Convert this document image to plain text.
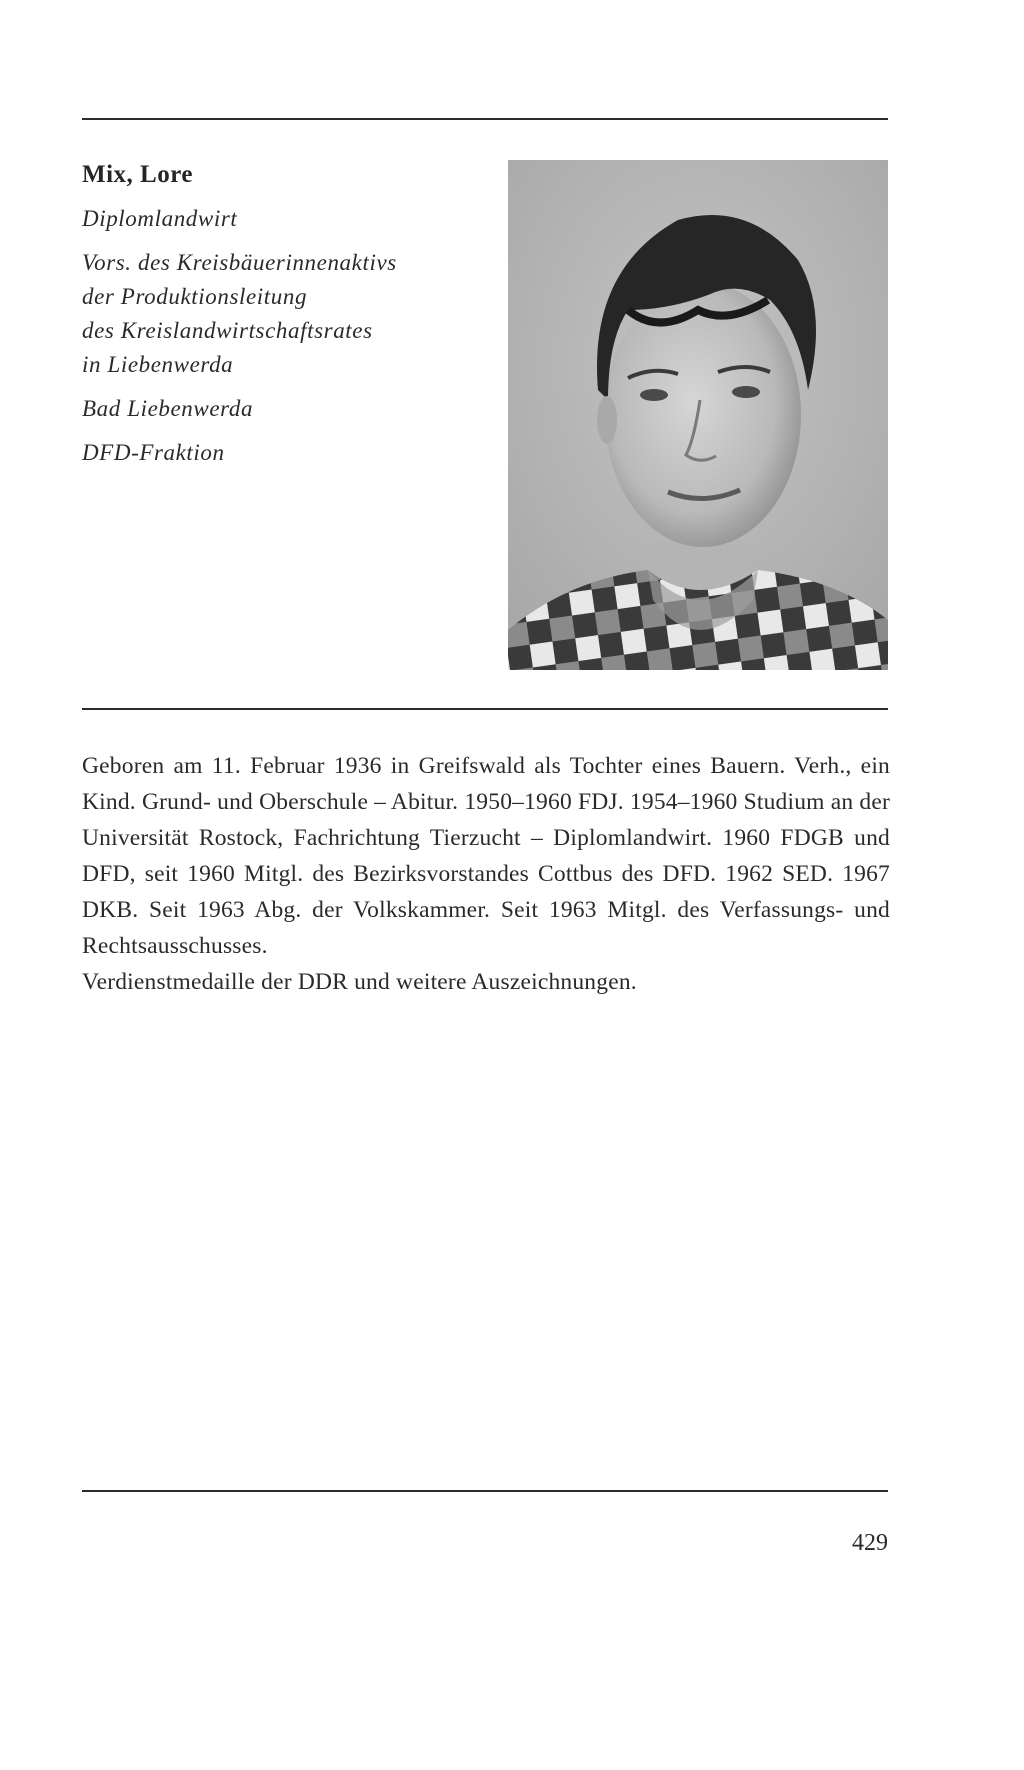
Mix, Lore
Diplomlandwirt
Vors. des Kreisbäuerinnenaktivs
der Produktionsleitung
des Kreislandwirtschaftsrates
in Liebenwerda
Bad Liebenwerda
DFD-Fraktion

Geboren am 11. Februar 1936 in Greifswald als Tochter eines Bauern. Verh., ein Kind. Grund- und Oberschule – Abitur. 1950–1960 FDJ. 1954–1960 Studium an der Universität Rostock, Fachrichtung Tierzucht – Diplomlandwirt. 1960 FDGB und DFD, seit 1960 Mitgl. des Bezirksvorstandes Cottbus des DFD. 1962 SED. 1967 DKB. Seit 1963 Abg. der Volkskammer. Seit 1963 Mitgl. des Verfassungs- und Rechtsausschusses.

Verdienstmedaille der DDR und weitere Auszeichnungen.

429
